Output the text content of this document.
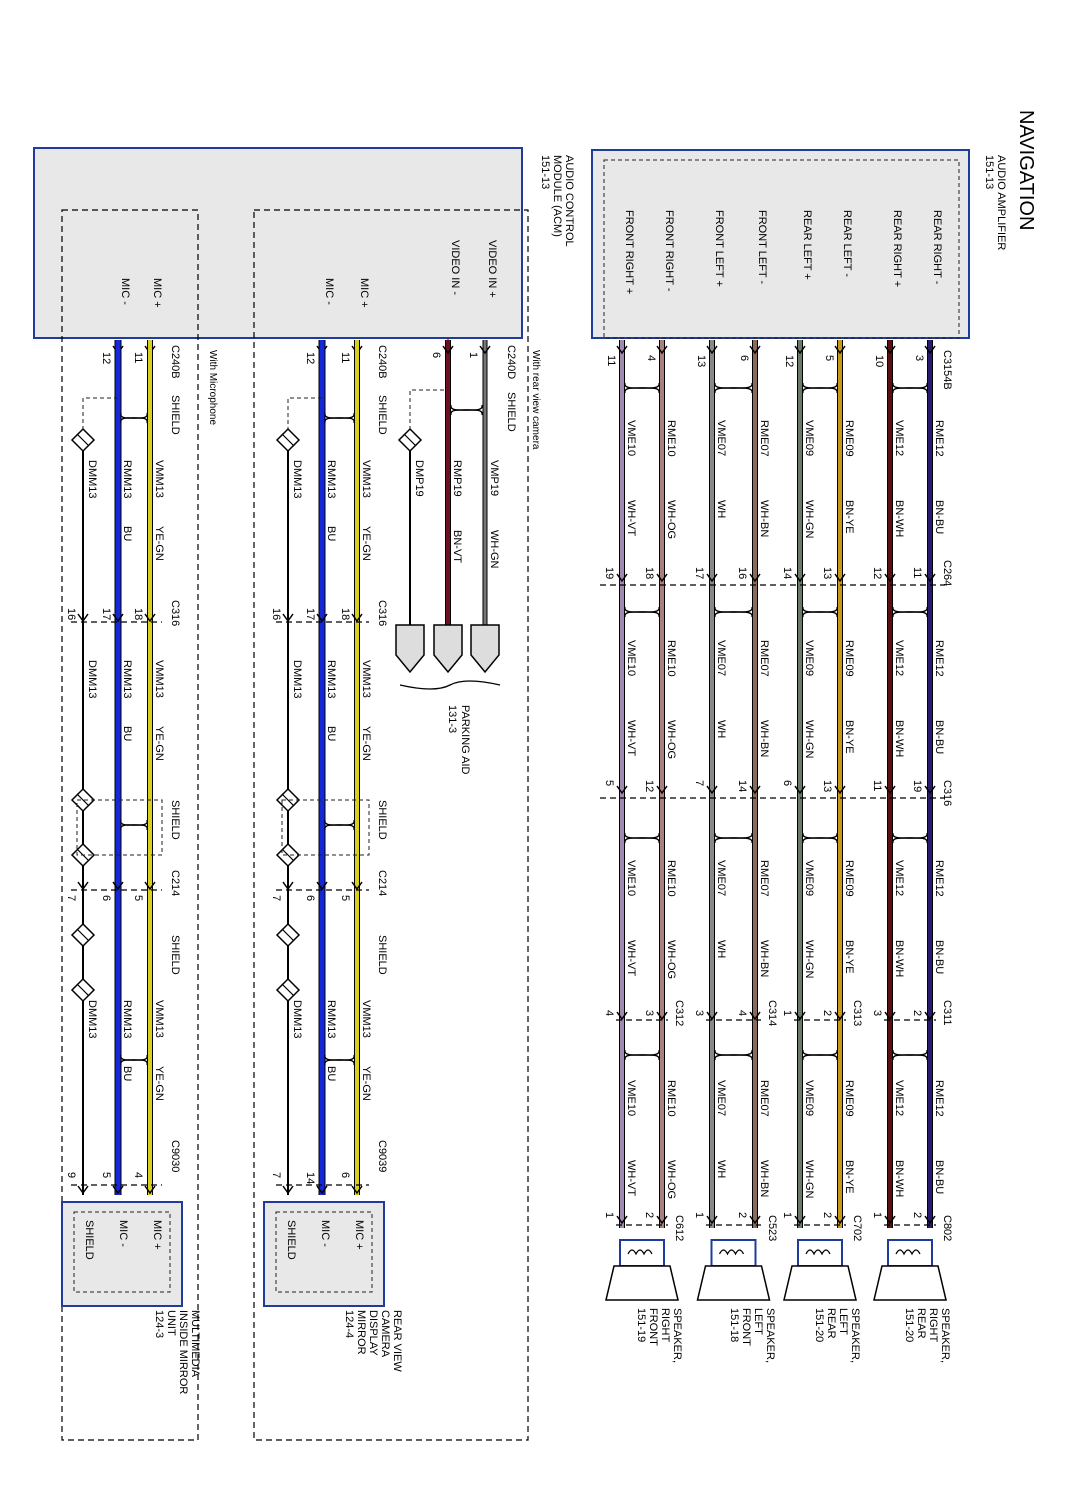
NAVIGATION
AUDIO AMPLIFIER
151-13
REAR RIGHT -
REAR RIGHT +
REAR LEFT -
REAR LEFT +
FRONT LEFT -
FRONT LEFT +
FRONT RIGHT -
FRONT RIGHT +
C3154B
3
10
5
12
6
13
4
11
RME12
BN-BU
VME12
BN-WH
RME09
BN-YE
VME09
WH-GN
RME07
WH-BN
VME07
WH
RME10
WH-OG
VME10
WH-VT
RME12
BN-BU
VME12
BN-WH
RME09
BN-YE
VME09
WH-GN
RME07
WH-BN
VME07
WH
RME10
WH-OG
VME10
WH-VT
RME12
BN-BU
VME12
BN-WH
RME09
BN-YE
VME09
WH-GN
RME07
WH-BN
VME07
WH
RME10
WH-OG
VME10
WH-VT
RME12
BN-BU
VME12
BN-WH
RME09
BN-YE
VME09
WH-GN
RME07
WH-BN
VME07
WH
RME10
WH-OG
VME10
WH-VT
C264
11
12
13
14
16
17
18
19
C316
19
11
13
6
14
7
12
5
C311
2
3
C313
2
1
C314
4
3
C312
3
4
C802
2
1
SPEAKER,
RIGHT
REAR
151-20
C702
2
1
SPEAKER,
LEFT
REAR
151-20
C523
2
1
SPEAKER,
LEFT
FRONT
151-18
C612
2
1
SPEAKER,
RIGHT
FRONT
151-19
AUDIO CONTROL
MODULE (ACM)
151-13
With rear view camera
With Microphone
VIDEO IN +
VIDEO IN -
C240D
SHIELD
1
6
VMP19
WH-GN
RMP19
BN-VT
DMP19
PARKING AID
131-3
MIC +
MIC -
C240B
SHIELD
11
12
VMM13
YE-GN
RMM13
BU
DMM13
VMM13
YE-GN
RMM13
BU
DMM13
VMM13
YE-GN
RMM13
BU
DMM13
C316
18
17
16
SHIELD
SHIELD
C214
5
6
7
C9039
6
14
7
MIC +
MIC -
C240B
SHIELD
11
12
VMM13
YE-GN
RMM13
BU
DMM13
VMM13
YE-GN
RMM13
BU
DMM13
VMM13
YE-GN
RMM13
BU
DMM13
C316
18
17
16
SHIELD
SHIELD
C214
5
6
7
C9030
4
5
9
MIC +
MIC -
SHIELD
REAR VIEW
CAMERA
DISPLAY
MIRROR
124-4
MIC +
MIC -
SHIELD
MULTIMEDIA
INSIDE MIRROR
UNIT
124-3
